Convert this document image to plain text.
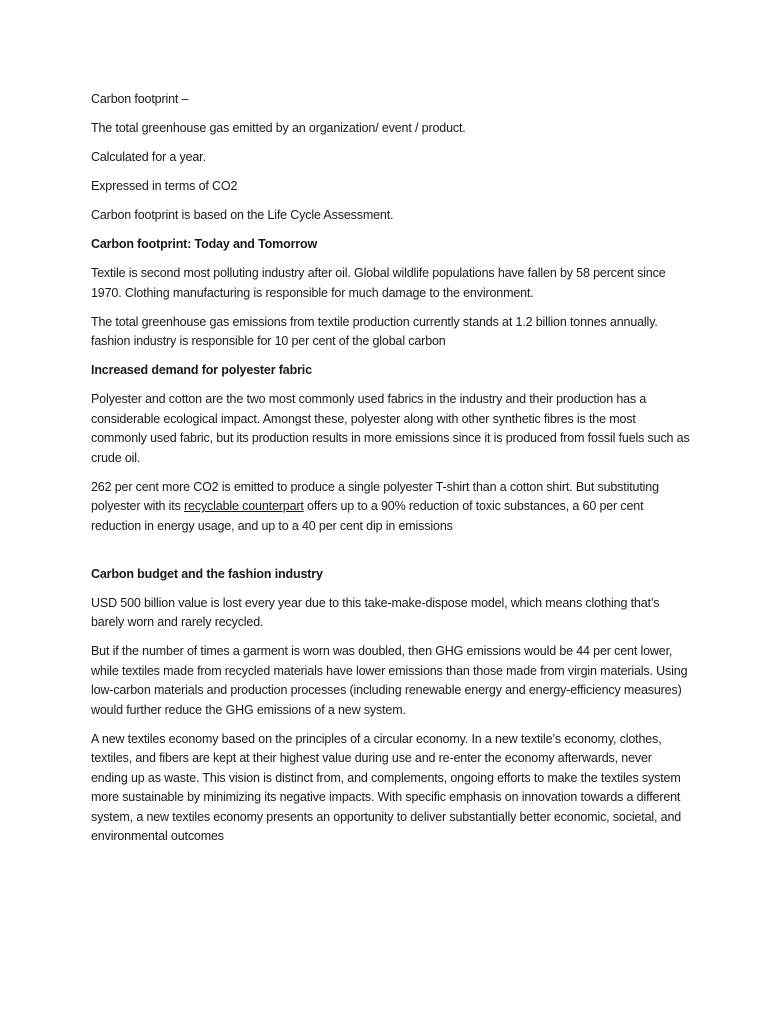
Carbon footprint –

The total greenhouse gas emitted by an organization/ event / product.

Calculated for a year.

Expressed in terms of CO2

Carbon footprint is based on the Life Cycle Assessment.

Carbon footprint: Today and Tomorrow

Textile is second most polluting industry after oil. Global wildlife populations have fallen by 58 percent since 1970. Clothing manufacturing is responsible for much damage to the environment.

The total greenhouse gas emissions from textile production currently stands at 1.2 billion tonnes annually. fashion industry is responsible for 10 per cent of the global carbon

Increased demand for polyester fabric

Polyester and cotton are the two most commonly used fabrics in the industry and their production has a considerable ecological impact. Amongst these, polyester along with other synthetic fibres is the most commonly used fabric, but its production results in more emissions since it is produced from fossil fuels such as crude oil.

262 per cent more CO2 is emitted to produce a single polyester T-shirt than a cotton shirt. But substituting polyester with its recyclable counterpart offers up to a 90% reduction of toxic substances, a 60 per cent reduction in energy usage, and up to a 40 per cent dip in emissions

Carbon budget and the fashion industry

USD 500 billion value is lost every year due to this take-make-dispose model, which means clothing that’s barely worn and rarely recycled.

But if the number of times a garment is worn was doubled, then GHG emissions would be 44 per cent lower, while textiles made from recycled materials have lower emissions than those made from virgin materials. Using low-carbon materials and production processes (including renewable energy and energy-efficiency measures) would further reduce the GHG emissions of a new system.

A new textiles economy based on the principles of a circular economy. In a new textile’s economy, clothes, textiles, and fibers are kept at their highest value during use and re-enter the economy afterwards, never ending up as waste. This vision is distinct from, and complements, ongoing efforts to make the textiles system more sustainable by minimizing its negative impacts. With specific emphasis on innovation towards a different system, a new textiles economy presents an opportunity to deliver substantially better economic, societal, and environmental outcomes
